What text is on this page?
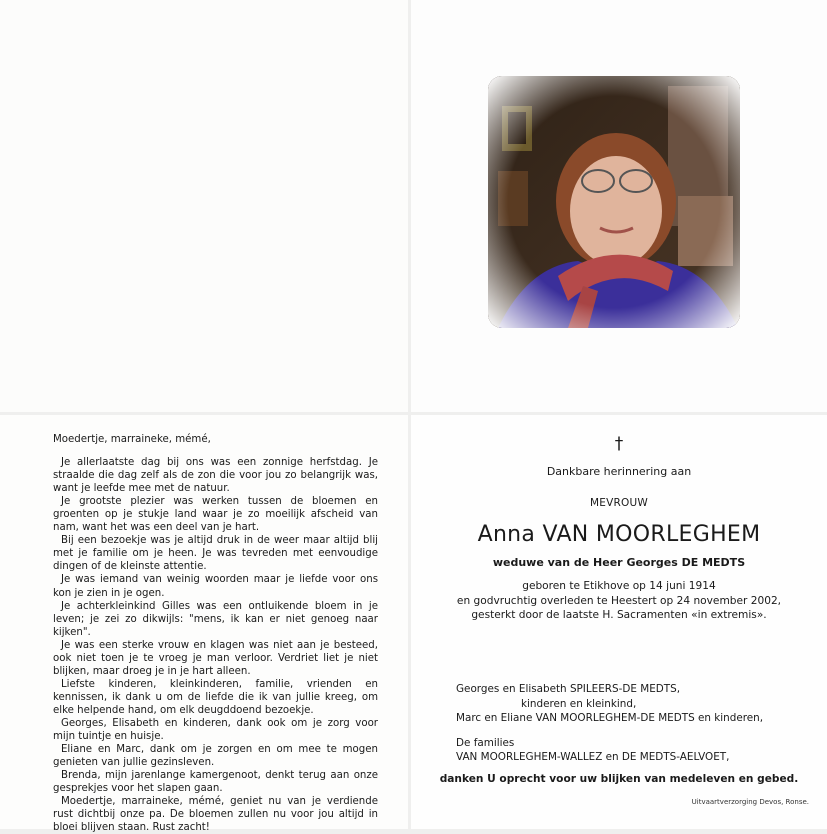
Moedertje, marraineke, mémé,

Je allerlaatste dag bij ons was een zonnige herfstdag. Je straalde die dag zelf als de zon die voor jou zo belangrijk was, want je leefde mee met de natuur.

Je grootste plezier was werken tussen de bloemen en groenten op je stukje land waar je zo moeilijk afscheid van nam, want het was een deel van je hart.

Bij een bezoekje was je altijd druk in de weer maar altijd blij met je familie om je heen. Je was tevreden met eenvoudige dingen of de kleinste attentie.

Je was iemand van weinig woorden maar je liefde voor ons kon je zien in je ogen.

Je achterkleinkind Gilles was een ontluikende bloem in je leven; je zei zo dikwijls: "mens, ik kan er niet genoeg naar kijken".

Je was een sterke vrouw en klagen was niet aan je besteed, ook niet toen je te vroeg je man verloor. Verdriet liet je niet blijken, maar droeg je in je hart alleen.

Liefste kinderen, kleinkinderen, familie, vrienden en kennissen, ik dank u om de liefde die ik van jullie kreeg, om elke helpende hand, om elk deugddoend bezoekje.

Georges, Elisabeth en kinderen, dank ook om je zorg voor mijn tuintje en huisje.

Eliane en Marc, dank om je zorgen en om mee te mogen genieten van jullie gezinsleven.

Brenda, mijn jarenlange kamergenoot, denkt terug aan onze gesprekjes voor het slapen gaan.

Moedertje, marraineke, mémé, geniet nu van je verdiende rust dichtbij onze pa. De bloemen zullen nu voor jou altijd in bloei blijven staan. Rust zacht!

†
Dankbare herinnering aan
MEVROUW
Anna VAN MOORLEGHEM
weduwe van de Heer Georges DE MEDTS
geboren te Etikhove op 14 juni 1914
en godvruchtig overleden te Heestert op 24 november 2002,
gesterkt door de laatste H. Sacramenten «in extremis».
Georges en Elisabeth SPILEERS-DE MEDTS,
kinderen en kleinkind,
Marc en Eliane VAN MOORLEGHEM-DE MEDTS en kinderen,
De families
VAN MOORLEGHEM-WALLEZ en DE MEDTS-AELVOET,
danken U oprecht voor uw blijken van medeleven en gebed.
Uitvaartverzorging Devos, Ronse.
